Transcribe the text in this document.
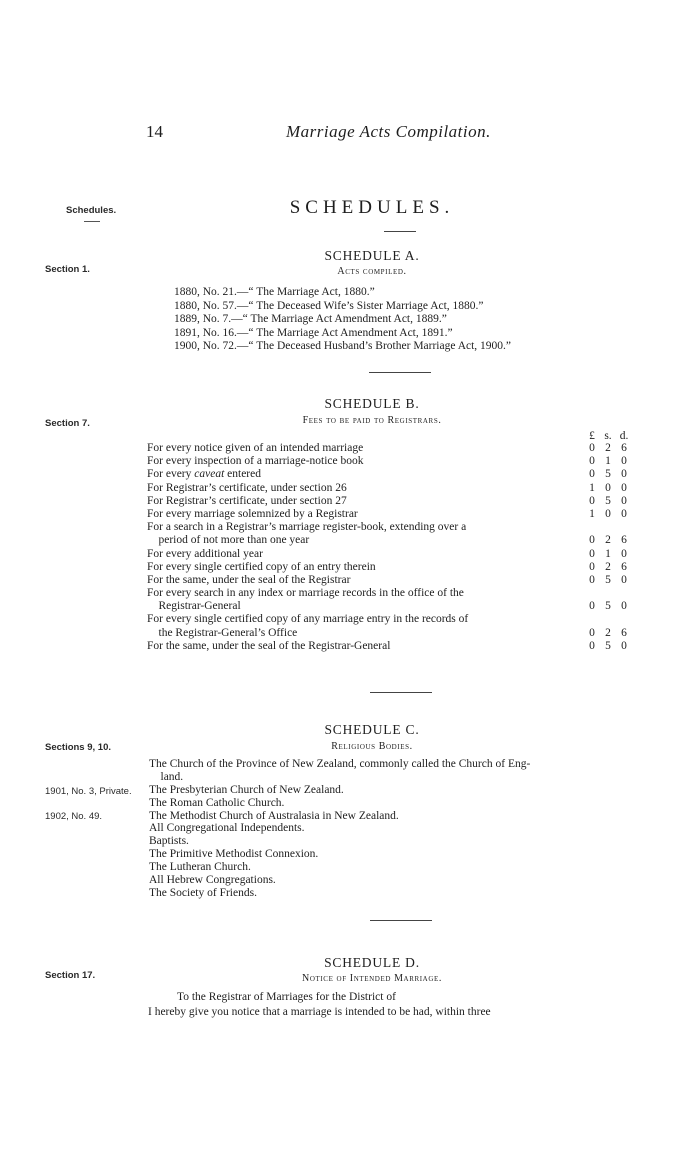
14	Marriage Acts Compilation.
Schedules.
Section 1.
Section 7.
Sections 9, 10.
1901, No. 3, Private.
1902, No. 49.
Section 17.
SCHEDULES.
SCHEDULE A.
Acts compiled.
1880, No. 21.—“ The Marriage Act, 1880.”
1880, No. 57.—“ The Deceased Wife’s Sister Marriage Act, 1880.”
1889, No. 7.—“ The Marriage Act Amendment Act, 1889.”
1891, No. 16.—“ The Marriage Act Amendment Act, 1891.”
1900, No. 72.—“ The Deceased Husband’s Brother Marriage Act, 1900.”
SCHEDULE B.
Fees to be paid to Registrars.
£ s. d.
For every notice given of an intended marriage
For every inspection of a marriage-notice book
For every caveat entered
For Registrar’s certificate, under section 26
For Registrar’s certificate, under section 27
For every marriage solemnized by a Registrar
For a search in a Registrar’s marriage register-book, extending over a
period of not more than one year
For every additional year
For every single certified copy of an entry therein
For the same, under the seal of the Registrar
For every search in any index or marriage records in the office of the
Registrar-General
For every single certified copy of any marriage entry in the records of
the Registrar-General’s Office
For the same, under the seal of the Registrar-General
0 2 6
0 1 0
0 5 0
1 0 0
0 5 0
1 0 0
0 2 6
0 1 0
0 2 6
0 5 0
0 5 0
0 2 6
0 5 0
SCHEDULE C.
Religious Bodies.
The Church of the Province of New Zealand, commonly called the Church of Eng-
land.
The Presbyterian Church of New Zealand.
The Roman Catholic Church.
The Methodist Church of Australasia in New Zealand.
All Congregational Independents.
Baptists.
The Primitive Methodist Connexion.
The Lutheran Church.
All Hebrew Congregations.
The Society of Friends.
SCHEDULE D.
Notice of Intended Marriage.
To the Registrar of Marriages for the District of
I hereby give you notice that a marriage is intended to be had, within three
